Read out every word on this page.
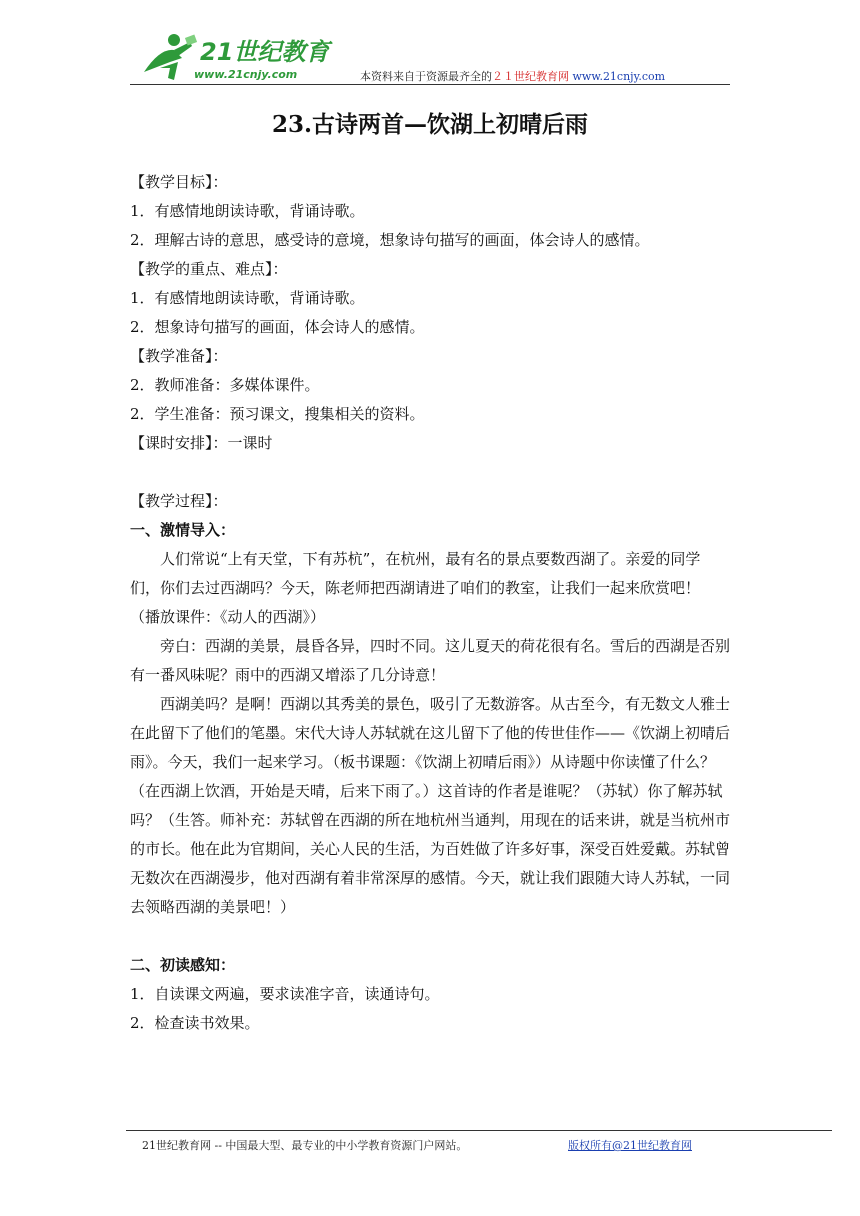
21世纪教育
www.21cnjy.com	本资料来自于资源最齐全的２１世纪教育网 www.21cnjy.com
23.古诗两首—饮湖上初晴后雨
【教学目标】：
1．有感情地朗读诗歌，背诵诗歌。
2．理解古诗的意思，感受诗的意境，想象诗句描写的画面，体会诗人的感情。
【教学的重点、难点】：
1．有感情地朗读诗歌，背诵诗歌。
2．想象诗句描写的画面，体会诗人的感情。
【教学准备】：
2．教师准备：多媒体课件。
2．学生准备：预习课文，搜集相关的资料。
【课时安排】：一课时
【教学过程】：
一、激情导入：
人们常说“上有天堂，下有苏杭”，在杭州，最有名的景点要数西湖了。亲爱的同学们，你们去过西湖吗？今天，陈老师把西湖请进了咱们的教室，让我们一起来欣赏吧！
（播放课件：《动人的西湖》）
旁白：西湖的美景，晨昏各异，四时不同。这儿夏天的荷花很有名。雪后的西湖是否别有一番风味呢？雨中的西湖又增添了几分诗意！
西湖美吗？是啊！西湖以其秀美的景色，吸引了无数游客。从古至今，有无数文人雅士在此留下了他们的笔墨。宋代大诗人苏轼就在这儿留下了他的传世佳作——《饮湖上初晴后雨》。今天，我们一起来学习。（板书课题：《饮湖上初晴后雨》）从诗题中你读懂了什么？（在西湖上饮酒，开始是天晴，后来下雨了。）这首诗的作者是谁呢？（苏轼）你了解苏轼吗？（生答。师补充：苏轼曾在西湖的所在地杭州当通判，用现在的话来讲，就是当杭州市的市长。他在此为官期间，关心人民的生活，为百姓做了许多好事，深受百姓爱戴。苏轼曾无数次在西湖漫步，他对西湖有着非常深厚的感情。今天，就让我们跟随大诗人苏轼，一同去领略西湖的美景吧！）
二、初读感知：
1．自读课文两遍，要求读准字音，读通诗句。
2．检查读书效果。
21世纪教育网 -- 中国最大型、最专业的中小学教育资源门户网站。	版权所有@21世纪教育网
